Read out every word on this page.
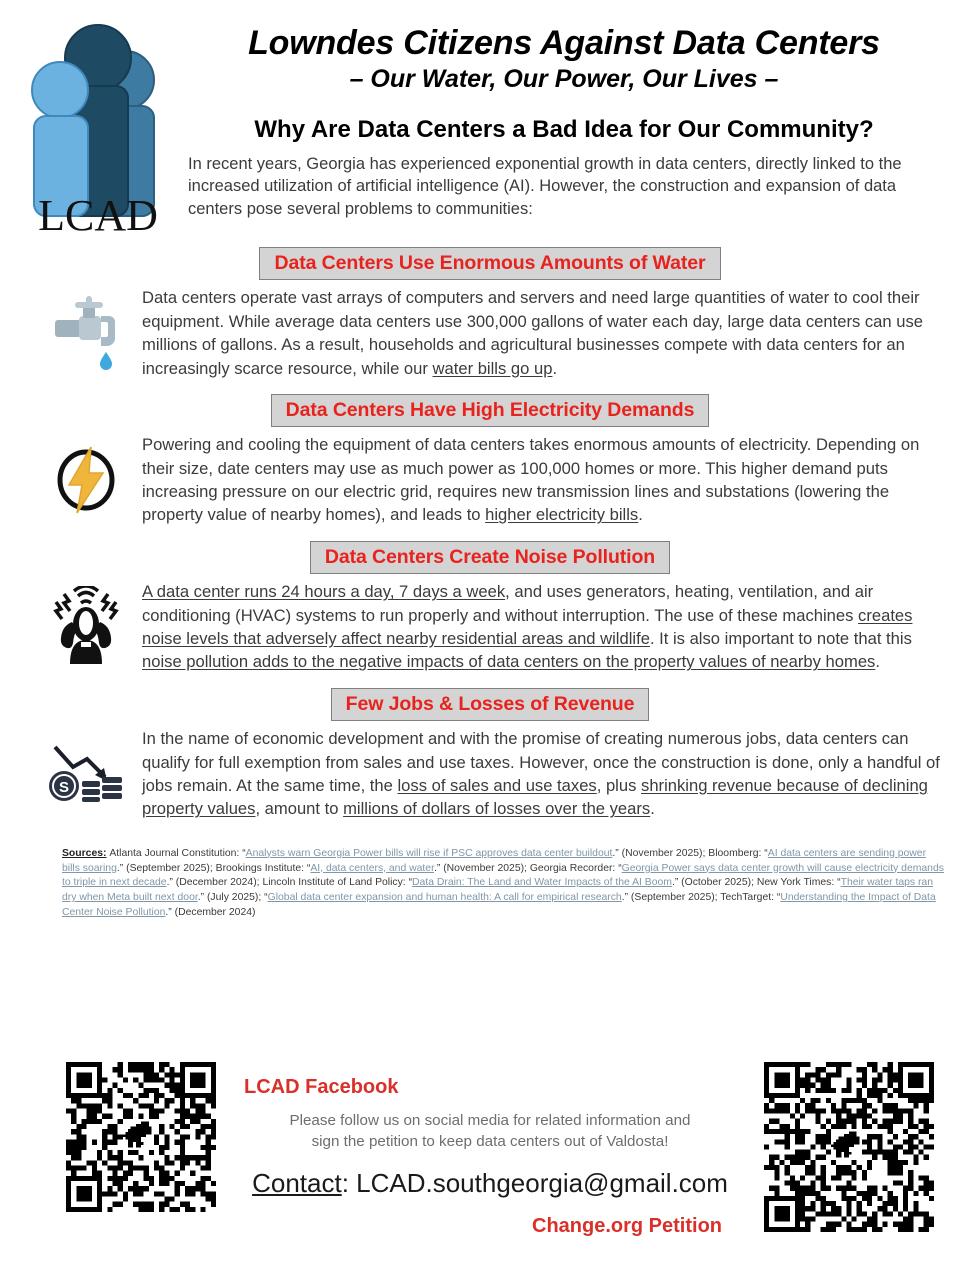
LCAD
Lowndes Citizens Against Data Centers
– Our Water, Our Power, Our Lives –
Why Are Data Centers a Bad Idea for Our Community?
In recent years, Georgia has experienced exponential growth in data centers, directly linked to the increased utilization of artificial intelligence (AI). However, the construction and expansion of data centers pose several problems to communities:
Data Centers Use Enormous Amounts of Water
Data centers operate vast arrays of computers and servers and need large quantities of water to cool their equipment. While average data centers use 300,000 gallons of water each day, large data centers can use millions of gallons. As a result, households and agricultural businesses compete with data centers for an increasingly scarce resource, while our water bills go up.
Data Centers Have High Electricity Demands
Powering and cooling the equipment of data centers takes enormous amounts of electricity. Depending on their size, date centers may use as much power as 100,000 homes or more. This higher demand puts increasing pressure on our electric grid, requires new transmission lines and substations (lowering the property value of nearby homes), and leads to higher electricity bills.
Data Centers Create Noise Pollution
A data center runs 24 hours a day, 7 days a week, and uses generators, heating, ventilation, and air conditioning (HVAC) systems to run properly and without interruption. The use of these machines creates noise levels that adversely affect nearby residential areas and wildlife. It is also important to note that this noise pollution adds to the negative impacts of data centers on the property values of nearby homes.
Few Jobs & Losses of Revenue
S
In the name of economic development and with the promise of creating numerous jobs, data centers can qualify for full exemption from sales and use taxes. However, once the construction is done, only a handful of jobs remain. At the same time, the loss of sales and use taxes, plus shrinking revenue because of declining property values, amount to millions of dollars of losses over the years.
Sources: Atlanta Journal Constitution: “Analysts warn Georgia Power bills will rise if PSC approves data center buildout.” (November 2025); Bloomberg: “AI data centers are sending power bills soaring.” (September 2025); Brookings Institute: “AI, data centers, and water.” (November 2025); Georgia Recorder: “Georgia Power says data center growth will cause electricity demands to triple in next decade.” (December 2024); Lincoln Institute of Land Policy: “Data Drain: The Land and Water Impacts of the AI Boom.” (October 2025); New York Times: “Their water taps ran dry when Meta built next door.” (July 2025); “Global data center expansion and human health: A call for empirical research.” (September 2025); TechTarget: “Understanding the Impact of Data Center Noise Pollution.” (December 2024)
LCAD Facebook
Please follow us on social media for related information and
sign the petition to keep data centers out of Valdosta!
Contact: LCAD.southgeorgia@gmail.com
Change.org Petition
